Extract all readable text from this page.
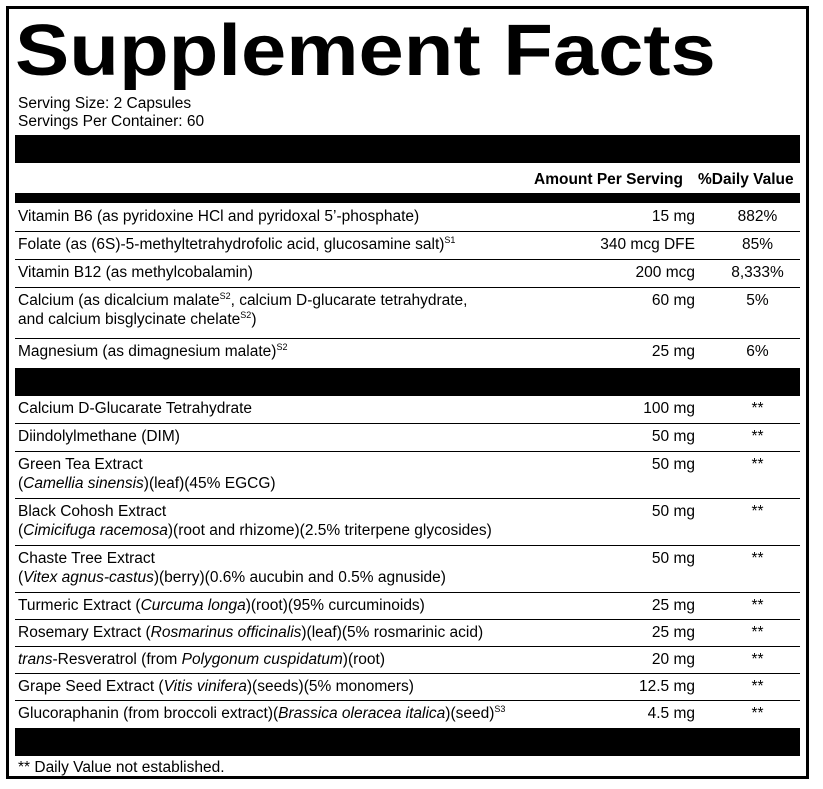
Supplement Facts
Serving Size: 2 Capsules
Servings Per Container: 60
Amount Per Serving %Daily Value
Vitamin B6 (as pyridoxine HCl and pyridoxal 5’-phosphate)	15 mg	882%
Folate (as (6S)-5-methyltetrahydrofolic acid, glucosamine salt)$^{S1}$	340 mcg DFE	85%
Vitamin B12 (as methylcobalamin)	200 mcg	8,333%
Calcium (as dicalcium malate$^{S2}$, calcium D-glucarate tetrahydrate,
and calcium bisglycinate chelate$^{S2}$)
60 mg	5%
Magnesium (as dimagnesium malate)$^{S2}$	25 mg	6%
Calcium D-Glucarate Tetrahydrate	100 mg	**
Diindolylmethane (DIM)	50 mg	**
Green Tea Extract
(Camellia sinensis)(leaf)(45% EGCG)
50 mg	**
Black Cohosh Extract
(Cimicifuga racemosa)(root and rhizome)(2.5% triterpene glycosides)
50 mg	**
Chaste Tree Extract
(Vitex agnus-castus)(berry)(0.6% aucubin and 0.5% agnuside)
50 mg	**
Turmeric Extract (Curcuma longa)(root)(95% curcuminoids)	25 mg	**
Rosemary Extract (Rosmarinus officinalis)(leaf)(5% rosmarinic acid)	25 mg	**
trans-Resveratrol (from Polygonum cuspidatum)(root)	20 mg	**
Grape Seed Extract (Vitis vinifera)(seeds)(5% monomers)	12.5 mg	**
Glucoraphanin (from broccoli extract)(Brassica oleracea italica)(seed)$^{S3}$	4.5 mg	**
** Daily Value not established.
